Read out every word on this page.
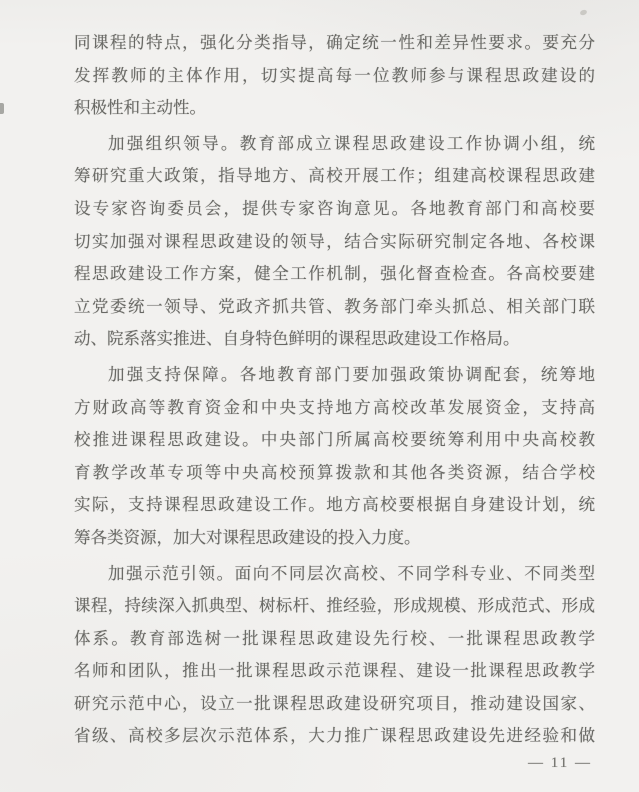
同课程的特点，强化分类指导，确定统一性和差异性要求。要充分
发挥教师的主体作用，切实提高每一位教师参与课程思政建设的
积极性和主动性。
加强组织领导。教育部成立课程思政建设工作协调小组，统
筹研究重大政策，指导地方、高校开展工作；组建高校课程思政建
设专家咨询委员会，提供专家咨询意见。各地教育部门和高校要
切实加强对课程思政建设的领导，结合实际研究制定各地、各校课
程思政建设工作方案，健全工作机制，强化督查检查。各高校要建
立党委统一领导、党政齐抓共管、教务部门牵头抓总、相关部门联
动、院系落实推进、自身特色鲜明的课程思政建设工作格局。
加强支持保障。各地教育部门要加强政策协调配套，统筹地
方财政高等教育资金和中央支持地方高校改革发展资金，支持高
校推进课程思政建设。中央部门所属高校要统筹利用中央高校教
育教学改革专项等中央高校预算拨款和其他各类资源，结合学校
实际，支持课程思政建设工作。地方高校要根据自身建设计划，统
筹各类资源，加大对课程思政建设的投入力度。
加强示范引领。面向不同层次高校、不同学科专业、不同类型
课程，持续深入抓典型、树标杆、推经验，形成规模、形成范式、形成
体系。教育部选树一批课程思政建设先行校、一批课程思政教学
名师和团队，推出一批课程思政示范课程、建设一批课程思政教学
研究示范中心，设立一批课程思政建设研究项目，推动建设国家、
省级、高校多层次示范体系，大力推广课程思政建设先进经验和做
— 11 —
